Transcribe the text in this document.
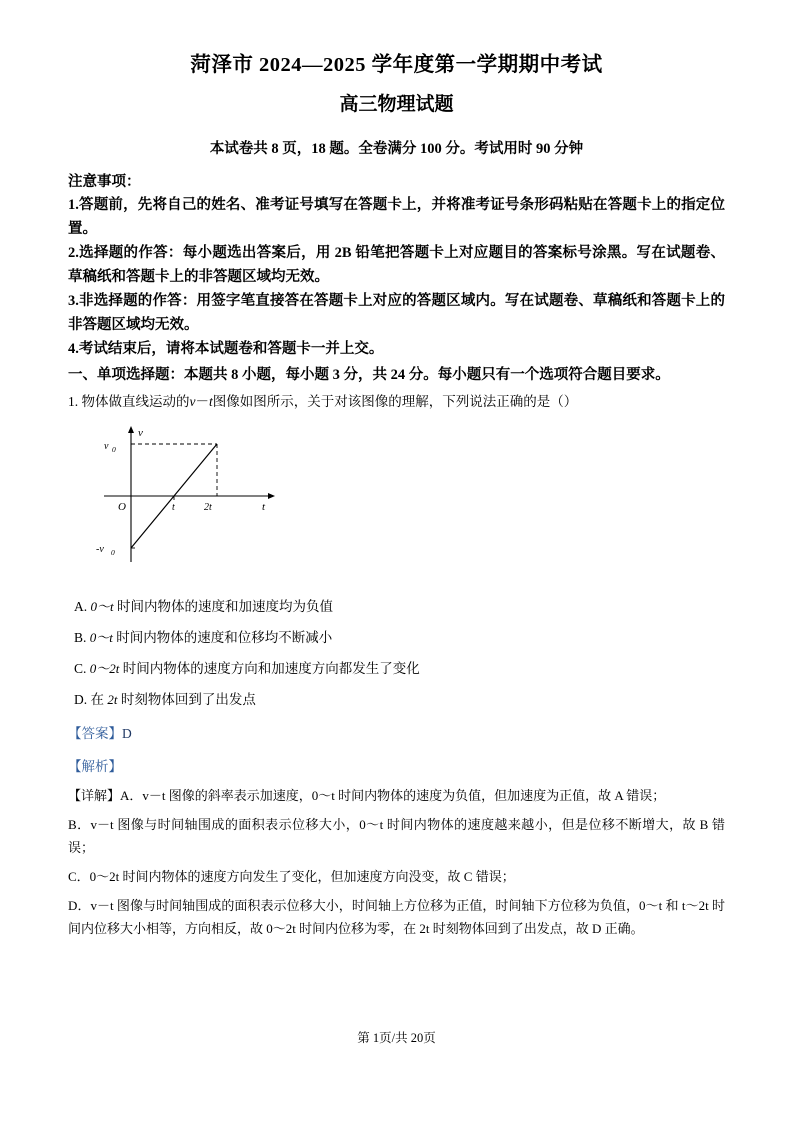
菏泽市 2024—2025 学年度第一学期期中考试
高三物理试题
本试卷共 8 页，18 题。全卷满分 100 分。考试用时 90 分钟
注意事项：
1.答题前，先将自己的姓名、准考证号填写在答题卡上，并将准考证号条形码粘贴在答题卡上的指定位置。
2.选择题的作答：每小题选出答案后，用 2B 铅笔把答题卡上对应题目的答案标号涂黑。写在试题卷、草稿纸和答题卡上的非答题区域均无效。
3.非选择题的作答：用签字笔直接答在答题卡上对应的答题区域内。写在试题卷、草稿纸和答题卡上的非答题区域均无效。
4.考试结束后，请将本试题卷和答题卡一并上交。
一、单项选择题：本题共 8 小题，每小题 3 分，共 24 分。每小题只有一个选项符合题目要求。
1. 物体做直线运动的v－t图像如图所示，关于对该图像的理解，下列说法正确的是（）
v
t
O
v 0
-v 0
t	2t
A. 0～t 时间内物体的速度和加速度均为负值
B. 0～t 时间内物体的速度和位移均不断减小
C. 0～2t 时间内物体的速度方向和加速度方向都发生了变化
D. 在 2t 时刻物体回到了出发点
【答案】D
【解析】
【详解】A．v－t 图像的斜率表示加速度，0～t 时间内物体的速度为负值，但加速度为正值，故 A 错误；
B．v－t 图像与时间轴围成的面积表示位移大小，0～t 时间内物体的速度越来越小，但是位移不断增大，故 B 错误；
C．0～2t 时间内物体的速度方向发生了变化，但加速度方向没变，故 C 错误；
D．v－t 图像与时间轴围成的面积表示位移大小，时间轴上方位移为正值，时间轴下方位移为负值，0～t 和 t～2t 时间内位移大小相等，方向相反，故 0～2t 时间内位移为零，在 2t 时刻物体回到了出发点，故 D 正确。
第 1页/共 20页
